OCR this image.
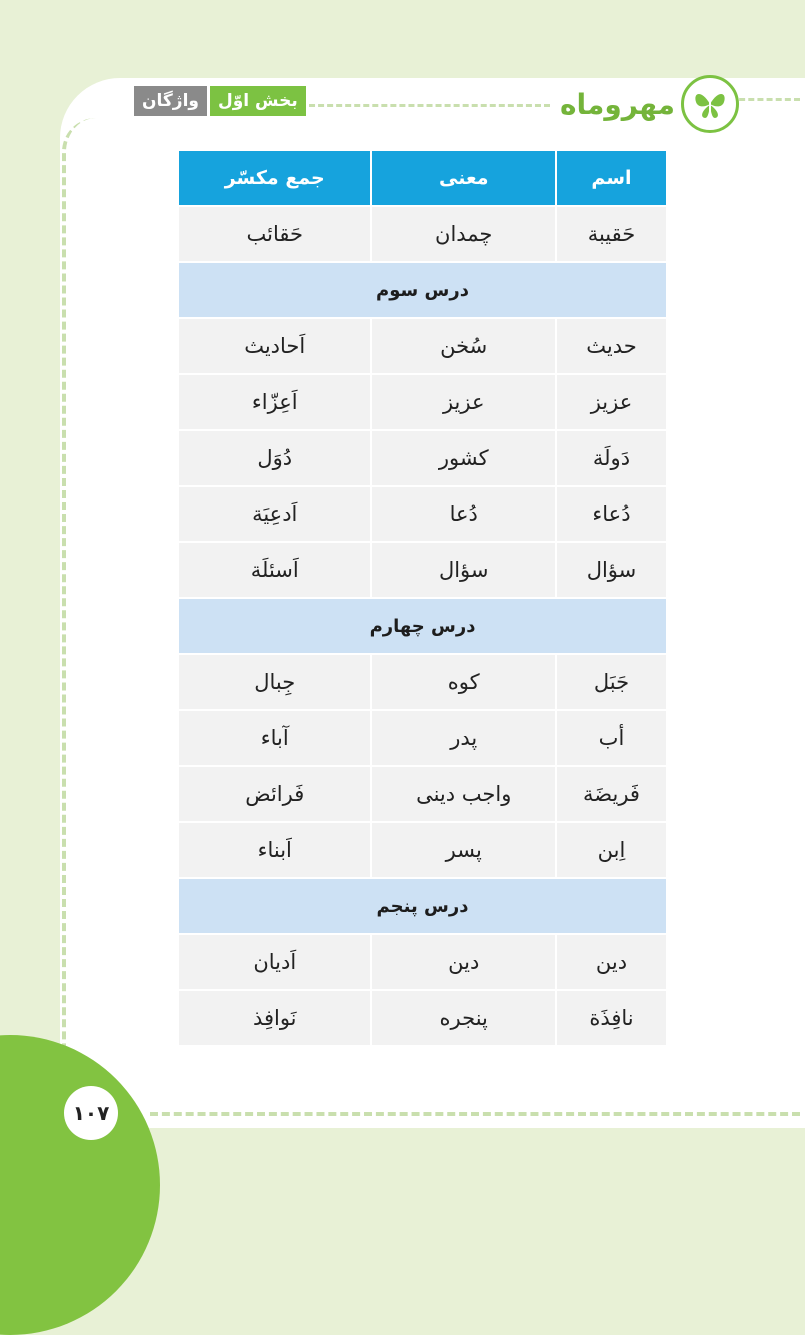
واژگان	بخش اوّل	مهروماه
اسم	معنی	جمع مکسّر
حَقيبة	چمدان	حَقائب
درس سوم		
حديث	سُخن	اَحاديث
عزيز	عزيز	اَعِزّاء
دَولَة	کشور	دُوَل
دُعاء	دُعا	اَدعِيَة
سؤال	سؤال	اَسئلَة
درس چهارم		
جَبَل	کوه	جِبال
أب	پدر	آباء
فَريضَة	واجب دينی	فَرائض
اِبن	پسر	اَبناء
درس پنجم		
دين	دين	اَديان
نافِذَة	پنجره	نَوافِذ
۱۰۷
